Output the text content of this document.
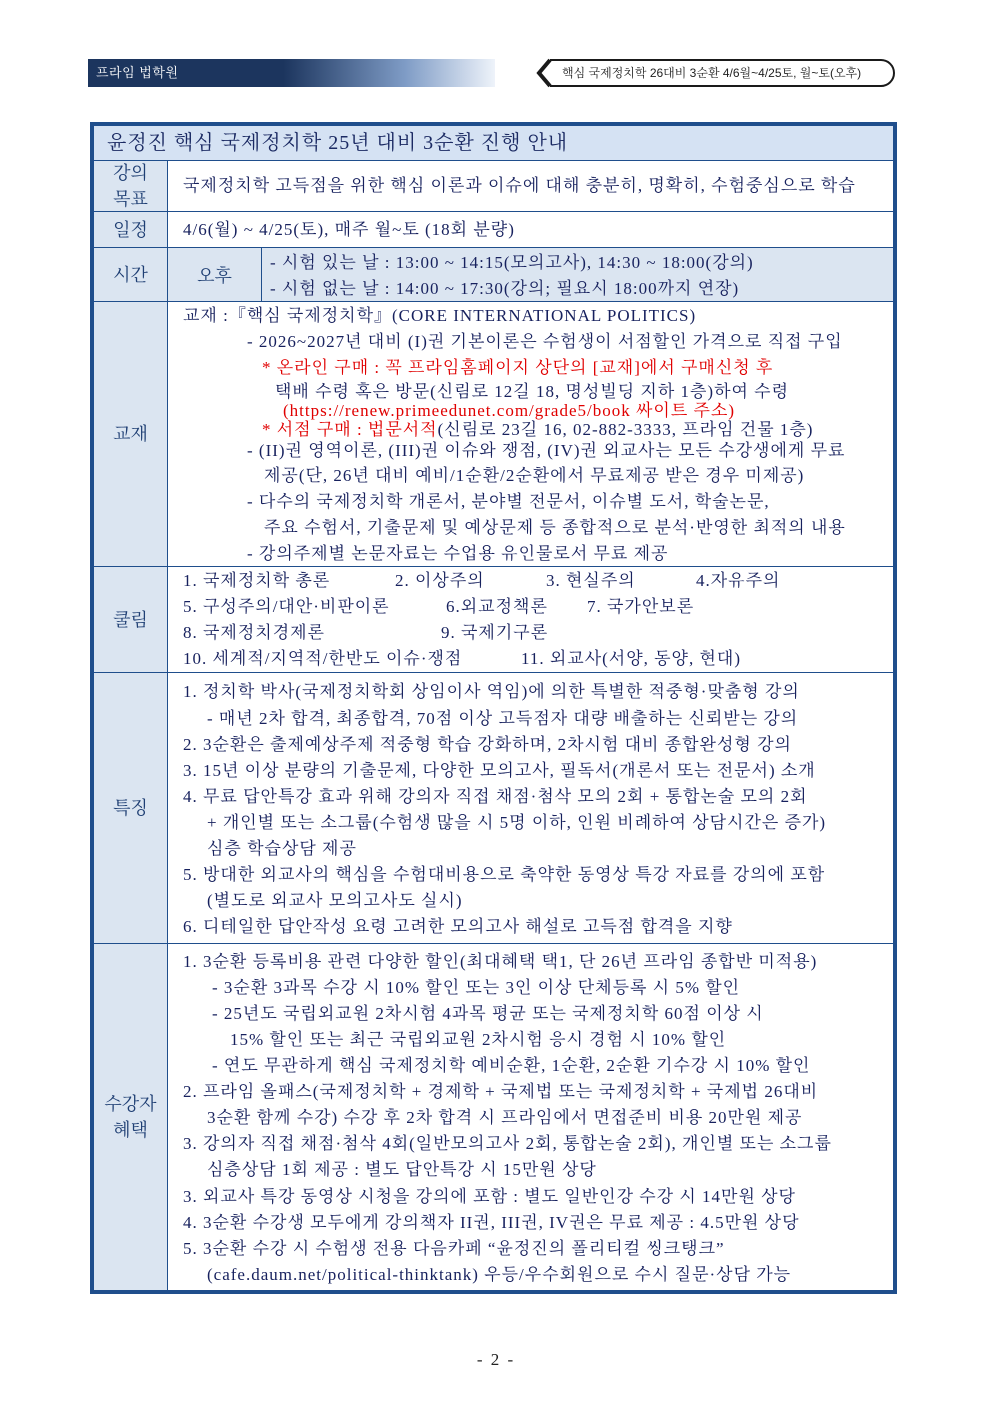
프라임 법학원	핵심 국제정치학 26대비 3순환 4/6월~4/25토, 월~토(오후)
윤정진 핵심 국제정치학 25년 대비 3순환 진행 안내
강의
목표
국제정치학 고득점을 위한 핵심 이론과 이슈에 대해 충분히, 명확히, 수험중심으로 학습
일정	4/6(월) ~ 4/25(토), 매주 월~토 (18회 분량)
시간	오후
- 시험 있는 날 : 13:00 ~ 14:15(모의고사), 14:30 ~ 18:00(강의)
- 시험 없는 날 : 14:00 ~ 17:30(강의; 필요시 18:00까지 연장)
교재
교재 :『핵심 국제정치학』(CORE INTERNATIONAL POLITICS)
- 2026~2027년 대비 (I)권 기본이론은 수험생이 서점할인 가격으로 직접 구입
* 온라인 구매 : 꼭 프라임홈페이지 상단의 [교재]에서 구매신청 후
택배 수령 혹은 방문(신림로 12길 18, 명성빌딩 지하 1층)하여 수령
(https://renew.primeedunet.com/grade5/book 싸이트 주소)
* 서점 구매 : 법문서적(신림로 23길 16, 02-882-3333, 프라임 건물 1층)
- (II)권 영역이론, (III)권 이슈와 쟁점, (IV)권 외교사는 모든 수강생에게 무료
제공(단, 26년 대비 예비/1순환/2순환에서 무료제공 받은 경우 미제공)
- 다수의 국제정치학 개론서, 분야별 전문서, 이슈별 도서, 학술논문,
주요 수험서, 기출문제 및 예상문제 등 종합적으로 분석·반영한 최적의 내용
- 강의주제별 논문자료는 수업용 유인물로서 무료 제공
쿨림
1. 국제정치학 총론	2. 이상주의	3. 현실주의	4.자유주의
5. 구성주의/대안·비판이론	6.외교정책론 7. 국가안보론
8. 국제정치경제론	9. 국제기구론
10. 세계적/지역적/한반도 이슈·쟁점	11. 외교사(서양, 동양, 현대)
특징
1. 정치학 박사(국제정치학회 상임이사 역임)에 의한 특별한 적중형·맞춤형 강의
- 매년 2차 합격, 최종합격, 70점 이상 고득점자 대량 배출하는 신뢰받는 강의
2. 3순환은 출제예상주제 적중형 학습 강화하며, 2차시험 대비 종합완성형 강의
3. 15년 이상 분량의 기출문제, 다양한 모의고사, 필독서(개론서 또는 전문서) 소개
4. 무료 답안특강 효과 위해 강의자 직접 채점·첨삭 모의 2회 + 통합논술 모의 2회
+ 개인별 또는 소그룹(수험생 많을 시 5명 이하, 인원 비례하여 상담시간은 증가)
심층 학습상담 제공
5. 방대한 외교사의 핵심을 수험대비용으로 축약한 동영상 특강 자료를 강의에 포함
(별도로 외교사 모의고사도 실시)
6. 디테일한 답안작성 요령 고려한 모의고사 해설로 고득점 합격을 지향
수강자
혜택
1. 3순환 등록비용 관련 다양한 할인(최대혜택 택1, 단 26년 프라임 종합반 미적용)
- 3순환 3과목 수강 시 10% 할인 또는 3인 이상 단체등록 시 5% 할인
- 25년도 국립외교원 2차시험 4과목 평균 또는 국제정치학 60점 이상 시
15% 할인 또는 최근 국립외교원 2차시험 응시 경험 시 10% 할인
- 연도 무관하게 핵심 국제정치학 예비순환, 1순환, 2순환 기수강 시 10% 할인
2. 프라임 올패스(국제정치학 + 경제학 + 국제법 또는 국제정치학 + 국제법 26대비
3순환 함께 수강) 수강 후 2차 합격 시 프라임에서 면접준비 비용 20만원 제공
3. 강의자 직접 채점·첨삭 4회(일반모의고사 2회, 통합논술 2회), 개인별 또는 소그룹
심층상담 1회 제공 : 별도 답안특강 시 15만원 상당
3. 외교사 특강 동영상 시청을 강의에 포함 : 별도 일반인강 수강 시 14만원 상당
4. 3순환 수강생 모두에게 강의책자 II권, III권, IV권은 무료 제공 : 4.5만원 상당
5. 3순환 수강 시 수험생 전용 다음카페 “윤정진의 폴리티컬 씽크탱크”
(cafe.daum.net/political-thinktank) 우등/우수회원으로 수시 질문·상담 가능
- 2 -
